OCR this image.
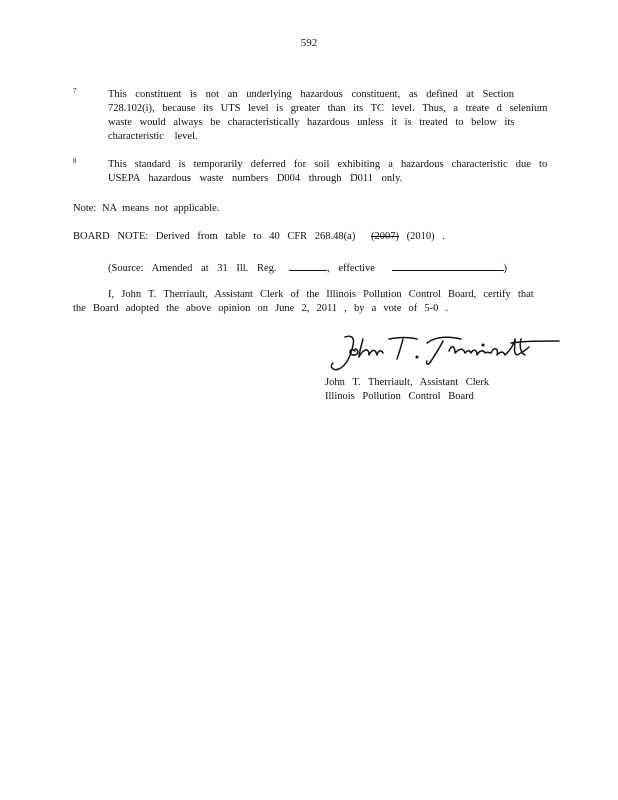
592
7	This constituent is not an underlying hazardous constituent, as defined at Section
728.102(i), because its UTS level is greater than its TC level. Thus, a treate d selenium
waste would always be characteristically hazardous unless it is treated to below its
characteristic level.
8	This standard is temporarily deferred for soil exhibiting a hazardous characteristic due to
USEPA hazardous waste numbers D004 through D011 only.
Note: NA means not applicable.
BOARD NOTE: Derived from table to 40 CFR 268.48(a) (2007) (2010) .
(Source: Amended at 31 Ill. Reg.	, effective	)
I, John T. Therriault, Assistant Clerk of the Illinois Pollution Control Board, certify that
the Board adopted the above opinion on June 2, 2011 , by a vote of 5-0 .
John T. Therriault, Assistant Clerk
Illinois Pollution Control Board
